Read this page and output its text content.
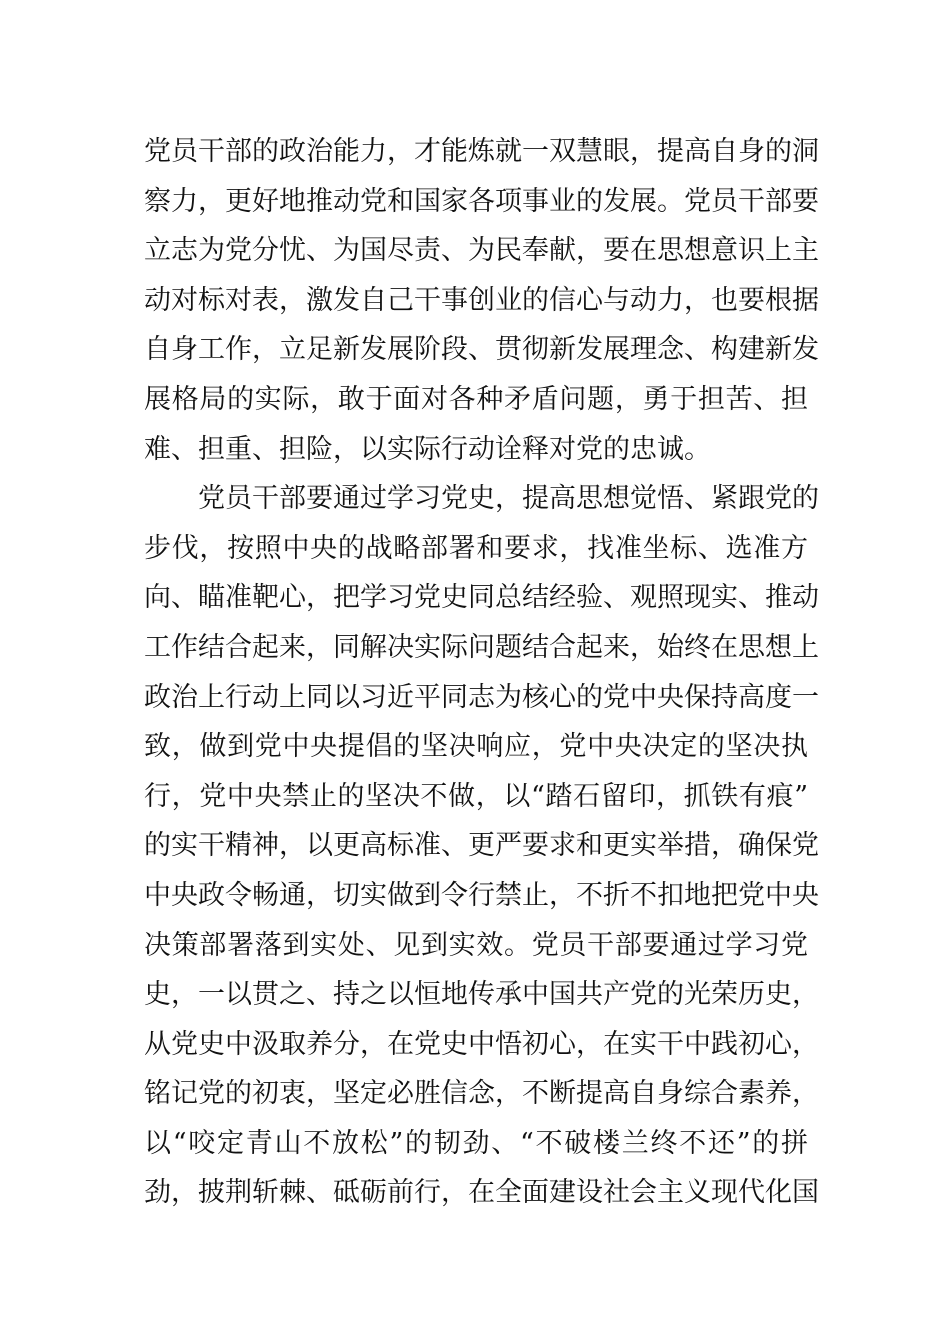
党员干部的政治能力，才能炼就一双慧眼，提高自身的洞
察力，更好地推动党和国家各项事业的发展。党员干部要
立志为党分忧、为国尽责、为民奉献，要在思想意识上主
动对标对表，激发自己干事创业的信心与动力，也要根据
自身工作，立足新发展阶段、贯彻新发展理念、构建新发
展格局的实际，敢于面对各种矛盾问题，勇于担苦、担
难、担重、担险，以实际行动诠释对党的忠诚。
党员干部要通过学习党史，提高思想觉悟、紧跟党的
步伐，按照中央的战略部署和要求，找准坐标、选准方
向、瞄准靶心，把学习党史同总结经验、观照现实、推动
工作结合起来，同解决实际问题结合起来，始终在思想上
政治上行动上同以习近平同志为核心的党中央保持高度一
致，做到党中央提倡的坚决响应，党中央决定的坚决执
行，党中央禁止的坚决不做，以“踏石留印，抓铁有痕”
的实干精神，以更高标准、更严要求和更实举措，确保党
中央政令畅通，切实做到令行禁止，不折不扣地把党中央
决策部署落到实处、见到实效。党员干部要通过学习党
史，一以贯之、持之以恒地传承中国共产党的光荣历史，
从党史中汲取养分，在党史中悟初心，在实干中践初心，
铭记党的初衷，坚定必胜信念，不断提高自身综合素养，
以“咬定青山不放松”的韧劲、“不破楼兰终不还”的拼
劲，披荆斩棘、砥砺前行，在全面建设社会主义现代化国
